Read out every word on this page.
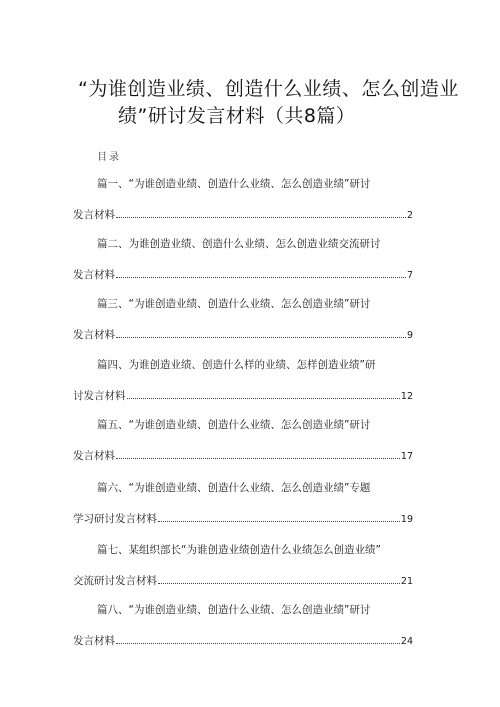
“为谁创造业绩、创造什么业绩、怎么创造业
绩”研讨发言材料（共8篇）
目录
篇一、“为谁创造业绩、创造什么业绩、怎么创造业绩”研讨
发言材料	2
篇二、为谁创造业绩、创造什么业绩、怎么创造业绩交流研讨
发言材料	7
篇三、“为谁创造业绩、创造什么业绩、怎么创造业绩”研讨
发言材料	9
篇四、为谁创造业绩、创造什么样的业绩、怎样创造业绩”研
讨发言材料	12
篇五、“为谁创造业绩、创造什么业绩、怎么创造业绩”研讨
发言材料	17
篇六、“为谁创造业绩、创造什么业绩、怎么创造业绩”专题
学习研讨发言材料	19
篇七、某组织部长“为谁创造业绩创造什么业绩怎么创造业绩”
交流研讨发言材料	21
篇八、“为谁创造业绩、创造什么业绩、怎么创造业绩”研讨
发言材料	24
